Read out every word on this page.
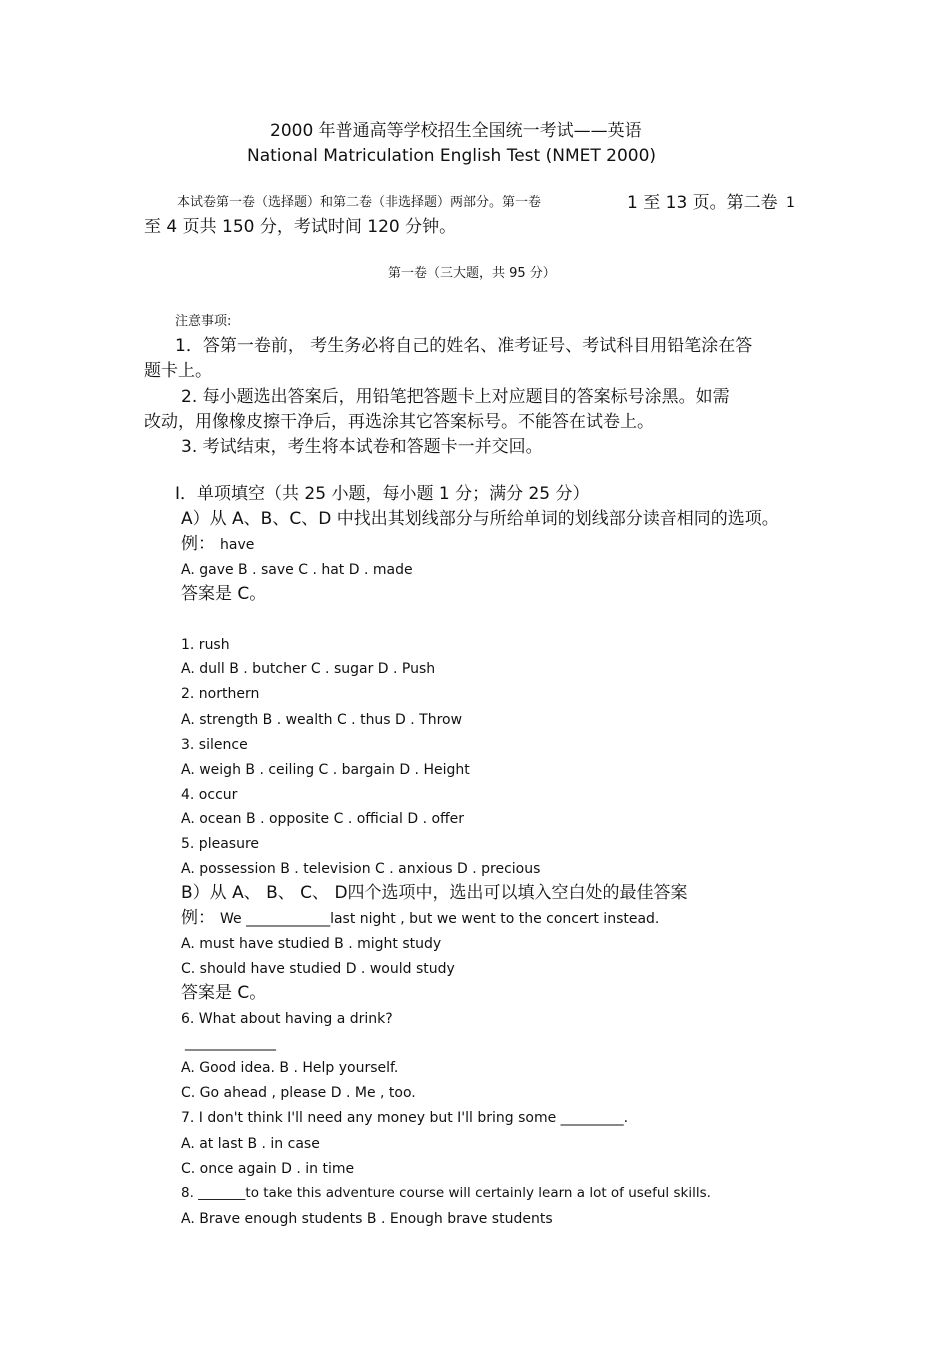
2000 年普通高等学校招生全国统一考试——英语
National Matriculation English Test (NMET 2000)
本试卷第一卷（选择题）和第二卷（非选择题）两部分。第一卷	1 至 13 页。第二卷 1
至 4 页共 150 分，考试时间 120 分钟。
第一卷（三大题，共 95 分）
注意事项:
1．答第一卷前， 考生务必将自己的姓名、准考证号、考试科目用铅笔涂在答
题卡上。
2. 每小题选出答案后，用铅笔把答题卡上对应题目的答案标号涂黑。如需
改动，用像橡皮擦干净后，再选涂其它答案标号。不能答在试卷上。
3. 考试结束，考生将本试卷和答题卡一并交回。
I．单项填空（共 25 小题，每小题 1 分；满分 25 分）
A）从 A、B、C、D 中找出其划线部分与所给单词的划线部分读音相同的选项。
例： have
A. gave B . save C . hat D . made
答案是 C。
1. rush
A. dull B . butcher C . sugar D . Push
2. northern
A. strength B . wealth C . thus D . Throw
3. silence
A. weigh B . ceiling C . bargain D . Height
4. occur
A. ocean B . opposite C . official D . offer
5. pleasure
A. possession B . television C . anxious D . precious
B）从 A、 B、 C、 D四个选项中，选出可以填入空白处的最佳答案
例： We ____________last night , but we went to the concert instead.
A. must have studied B . might study
C. should have studied D . would study
答案是 C。
6. What about having a drink?
_____________
A. Good idea. B . Help yourself.
C. Go ahead , please D . Me , too.
7. I don't think I'll need any money but I'll bring some _________.
A. at last B . in case
C. once again D . in time
8. _______to take this adventure course will certainly learn a lot of useful skills.
A. Brave enough students B . Enough brave students
